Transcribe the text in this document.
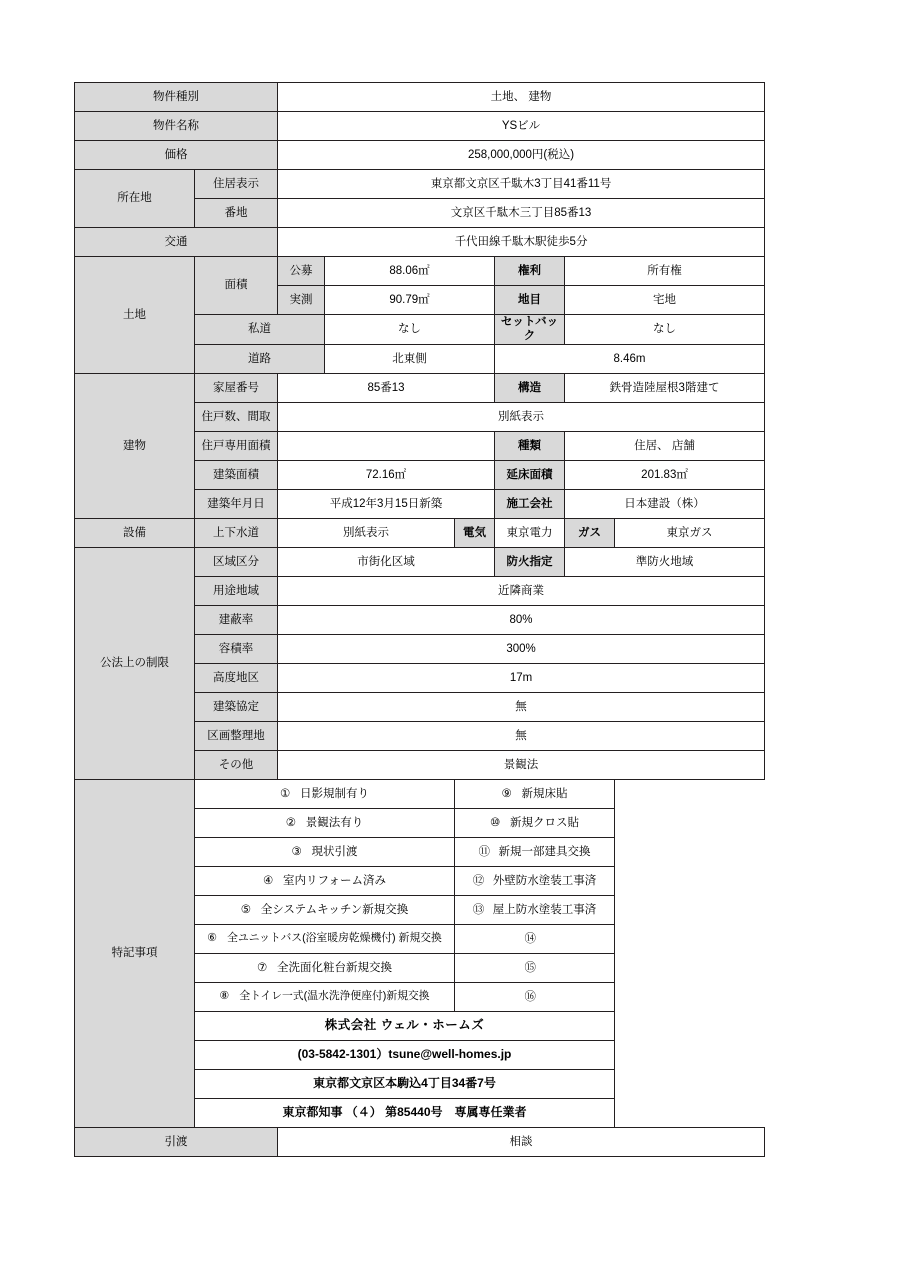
物件種別		土地、 建物					
物件名称		YSビル					
価格		258,000,000円(税込)					
所在地	住居表示	東京都文京区千駄木3丁目41番11号					
	番地	文京区千駄木三丁目85番13					
交通		千代田線千駄木駅徒歩5分					
土地	面積	公募	88.06㎡		権利	所有権	
		実測	90.79㎡		地目	宅地	
	私道		なし		セットバック	なし	
	道路		北東側		8.46m		
建物	家屋番号	85番13			構造	鉄骨造陸屋根3階建て	
	住戸数、間取	別紙表示					
	住戸専用面積				種類	住居、 店舗	
	建築面積	72.16㎡			延床面積	201.83㎡	
	建築年月日	平成12年3月15日新築			施工会社	日本建設（株）	
設備	上下水道	別紙表示		電気	東京電力	ガス	東京ガス
公法上の制限	区域区分	市街化区域			防火指定	準防火地域	
	用途地域	近隣商業					
	建蔽率	80%					
	容積率	300%					
	高度地区	17m					
	建築協定	無					
	区画整理地	無					
	その他	景観法					
特記事項	① 日影規制有り			⑨ 新規床貼			
	② 景観法有り			⑩ 新規クロス貼			
	③ 現状引渡			⑪ 新規一部建具交換			
	④ 室内リフォーム済み			⑫ 外壁防水塗装工事済			
	⑤ 全システムキッチン新規交換			⑬ 屋上防水塗装工事済			
	⑥ 全ユニットバス(浴室暖房乾燥機付) 新規交換			⑭			
	⑦ 全洗面化粧台新規交換			⑮			
	⑧ 全トイレ一式(温水洗浄便座付)新規交換			⑯			
	株式会社 ウェル・ホームズ						
	(03-5842-1301）tsune@well-homes.jp						
	東京都文京区本駒込4丁目34番7号						
	東京都知事 （４） 第85440号　専属専任業者						
引渡		相談					
